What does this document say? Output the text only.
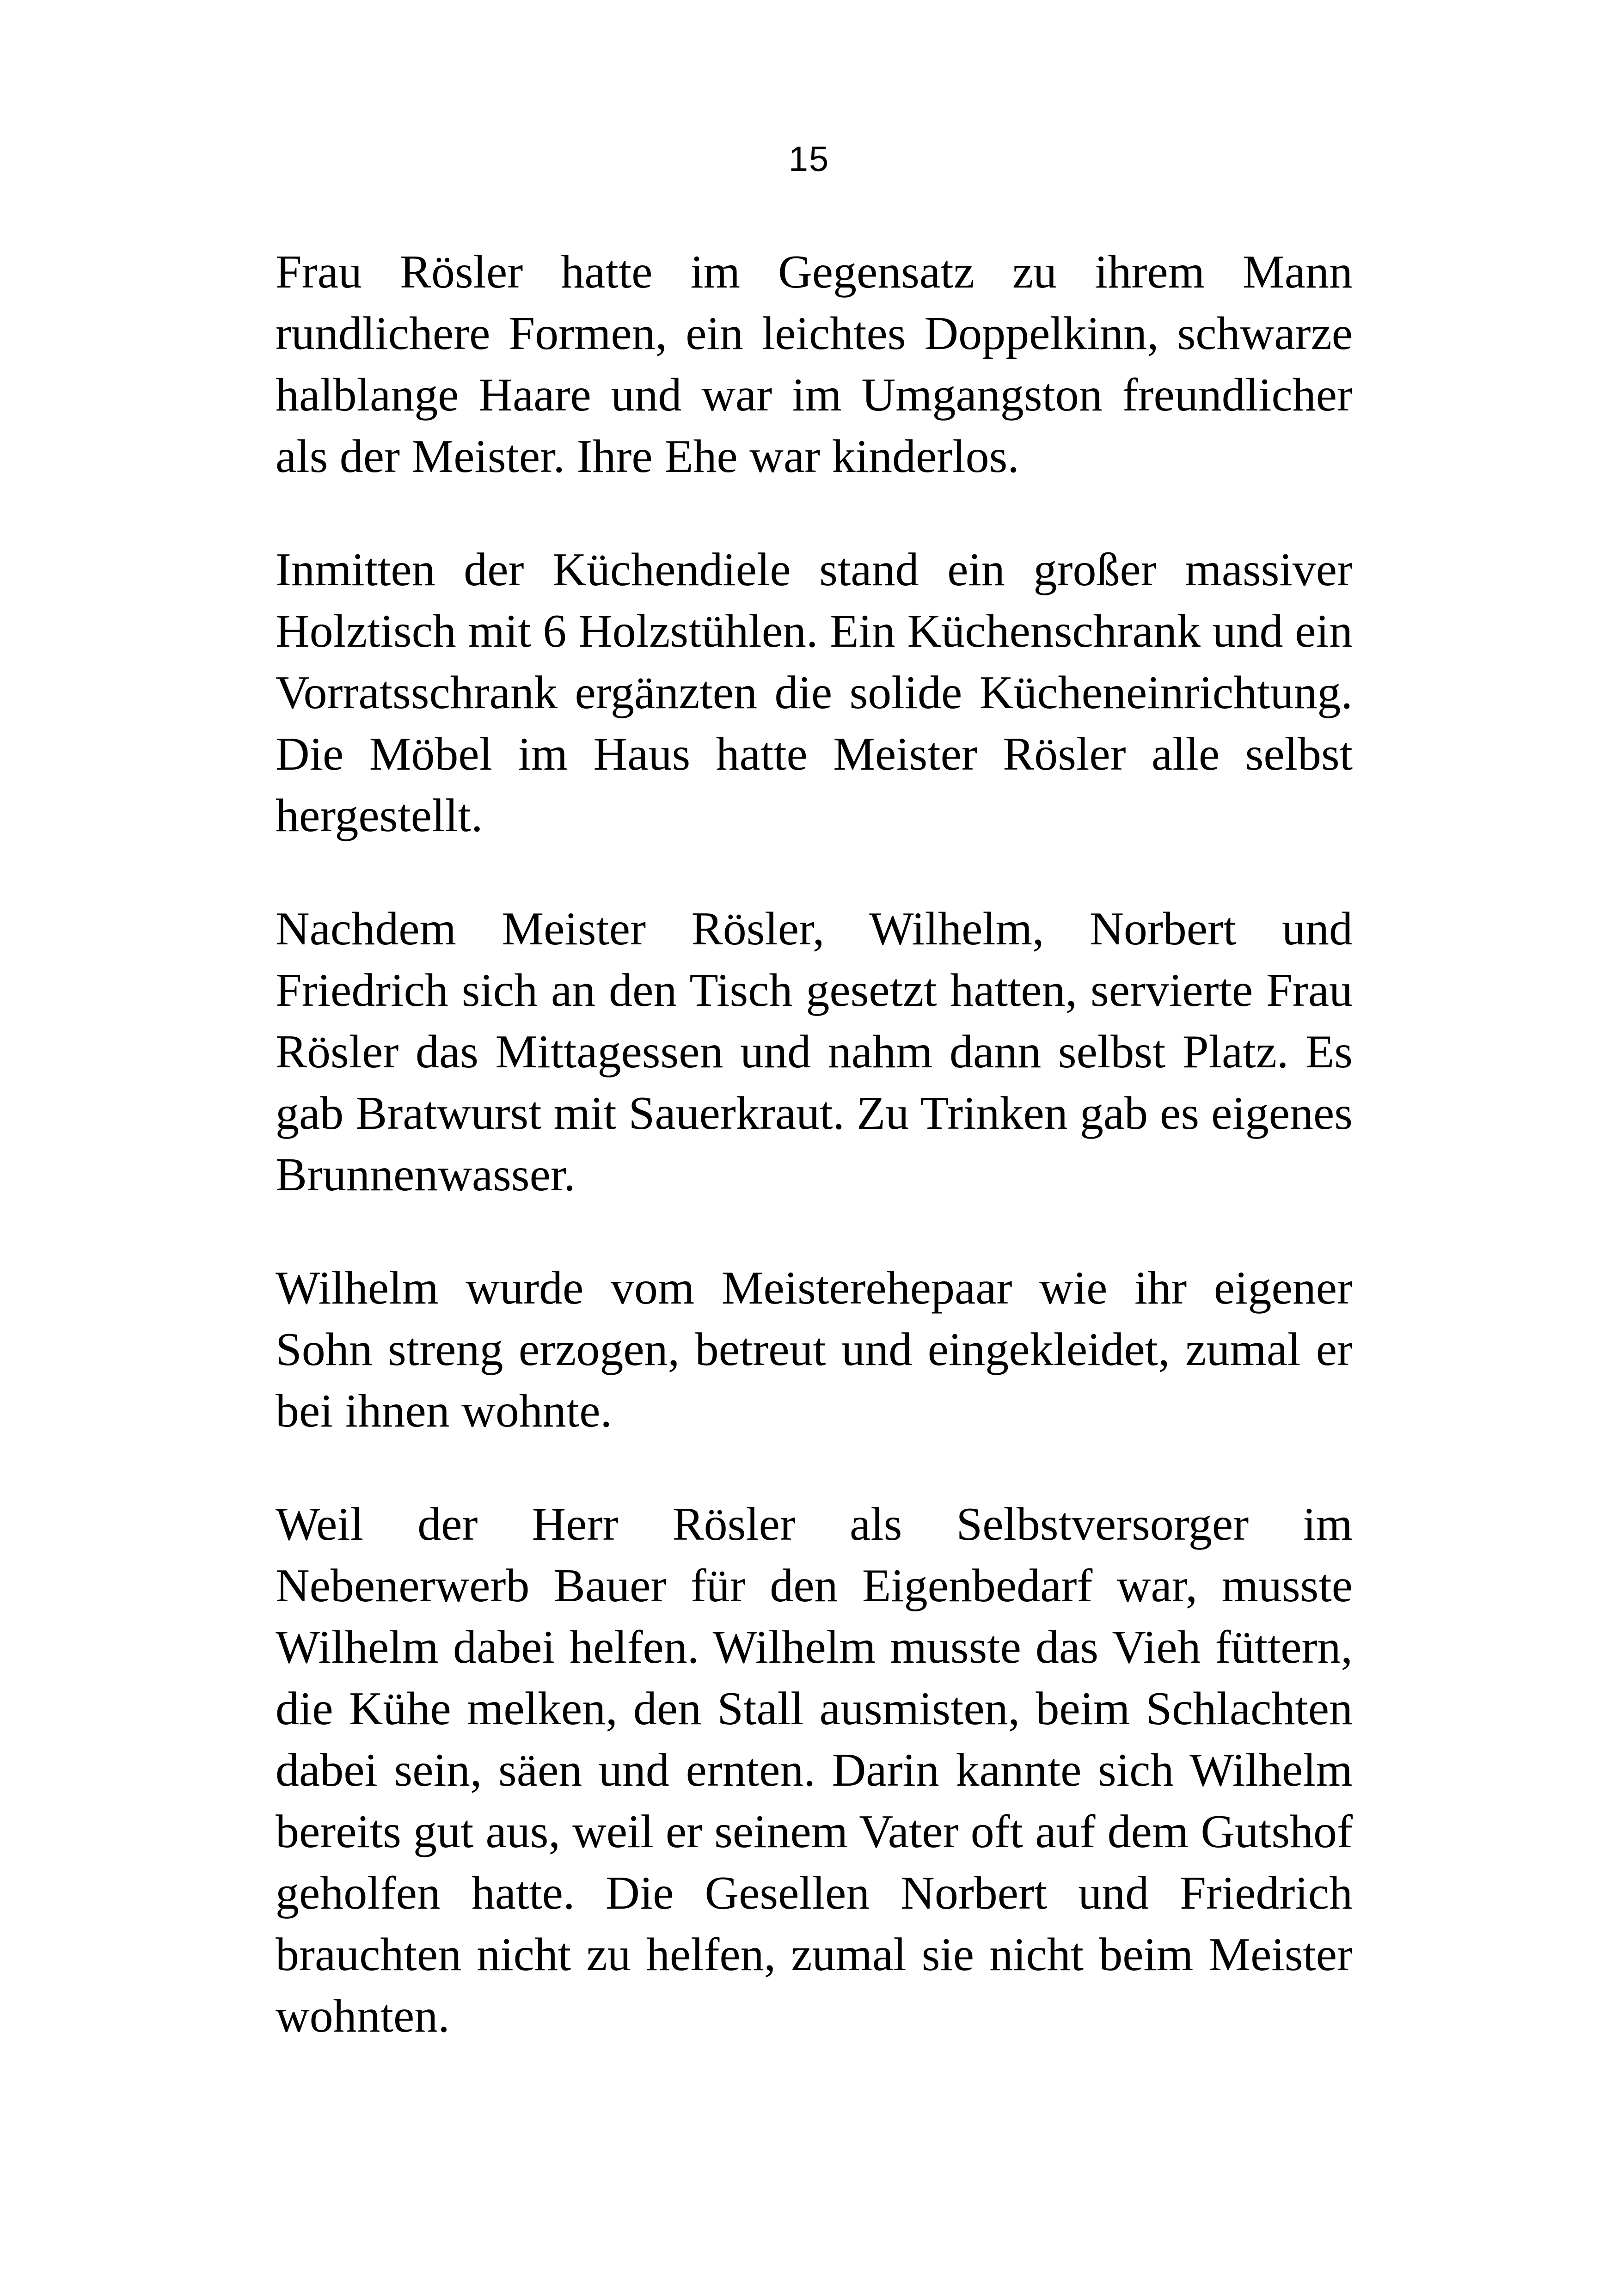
15

Frau Rösler hatte im Gegensatz zu ihrem Mann rundlichere Formen, ein leichtes Doppelkinn, schwarze halblange Haare und war im Umgangston freundlicher als der Meister. Ihre Ehe war kinderlos.

Inmitten der Küchendiele stand ein großer massiver Holztisch mit 6 Holzstühlen. Ein Küchenschrank und ein Vorratsschrank ergänzten die solide Kücheneinrichtung. Die Möbel im Haus hatte Meister Rösler alle selbst hergestellt.

Nachdem Meister Rösler, Wilhelm, Norbert und Friedrich sich an den Tisch gesetzt hatten, servierte Frau Rösler das Mittagessen und nahm dann selbst Platz. Es gab Bratwurst mit Sauerkraut. Zu Trinken gab es eigenes Brunnenwasser.

Wilhelm wurde vom Meisterehepaar wie ihr eigener Sohn streng erzogen, betreut und eingekleidet, zumal er bei ihnen wohnte.

Weil der Herr Rösler als Selbstversorger im Nebenerwerb Bauer für den Eigenbedarf war, musste Wilhelm dabei helfen. Wilhelm musste das Vieh füttern, die Kühe melken, den Stall ausmisten, beim Schlachten dabei sein, säen und ernten. Darin kannte sich Wilhelm bereits gut aus, weil er seinem Vater oft auf dem Gutshof geholfen hatte. Die Gesellen Norbert und Friedrich brauchten nicht zu helfen, zumal sie nicht beim Meister wohnten.
